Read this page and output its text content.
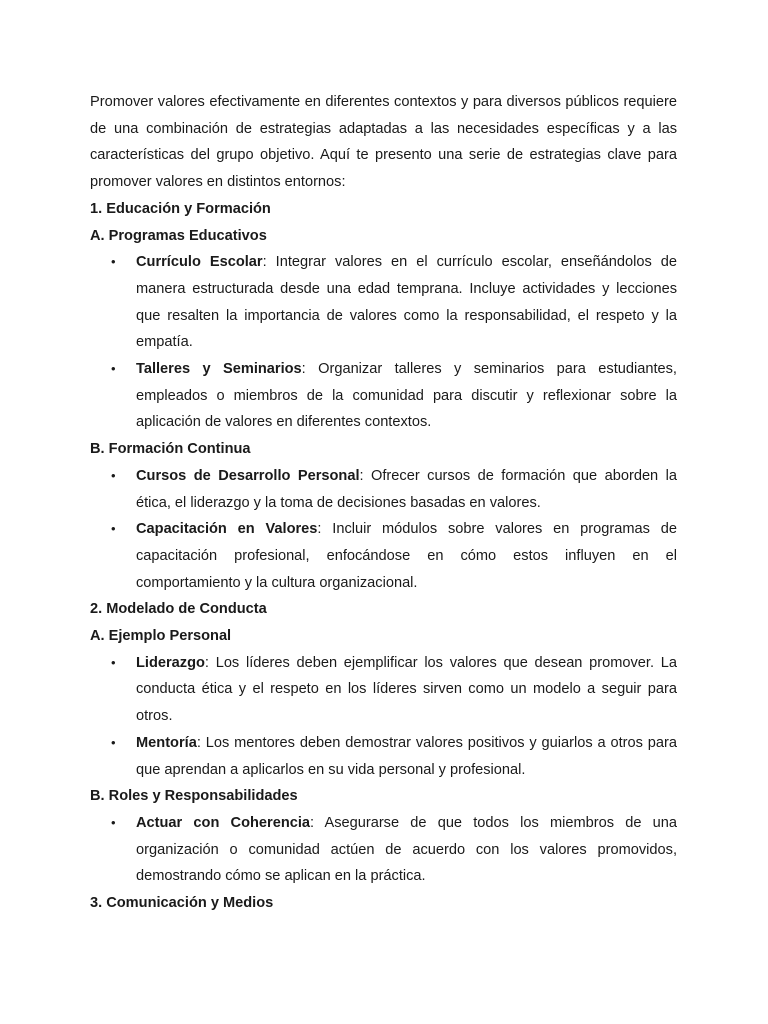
Promover valores efectivamente en diferentes contextos y para diversos públicos requiere de una combinación de estrategias adaptadas a las necesidades específicas y a las características del grupo objetivo. Aquí te presento una serie de estrategias clave para promover valores en distintos entornos:

1. Educación y Formación

A. Programas Educativos

• Currículo Escolar: Integrar valores en el currículo escolar, enseñándolos de manera estructurada desde una edad temprana. Incluye actividades y lecciones que resalten la importancia de valores como la responsabilidad, el respeto y la empatía.
• Talleres y Seminarios: Organizar talleres y seminarios para estudiantes, empleados o miembros de la comunidad para discutir y reflexionar sobre la aplicación de valores en diferentes contextos.

B. Formación Continua

• Cursos de Desarrollo Personal: Ofrecer cursos de formación que aborden la ética, el liderazgo y la toma de decisiones basadas en valores.
• Capacitación en Valores: Incluir módulos sobre valores en programas de capacitación profesional, enfocándose en cómo estos influyen en el comportamiento y la cultura organizacional.

2. Modelado de Conducta

A. Ejemplo Personal

• Liderazgo: Los líderes deben ejemplificar los valores que desean promover. La conducta ética y el respeto en los líderes sirven como un modelo a seguir para otros.
• Mentoría: Los mentores deben demostrar valores positivos y guiarlos a otros para que aprendan a aplicarlos en su vida personal y profesional.

B. Roles y Responsabilidades

• Actuar con Coherencia: Asegurarse de que todos los miembros de una organización o comunidad actúen de acuerdo con los valores promovidos, demostrando cómo se aplican en la práctica.

3. Comunicación y Medios
